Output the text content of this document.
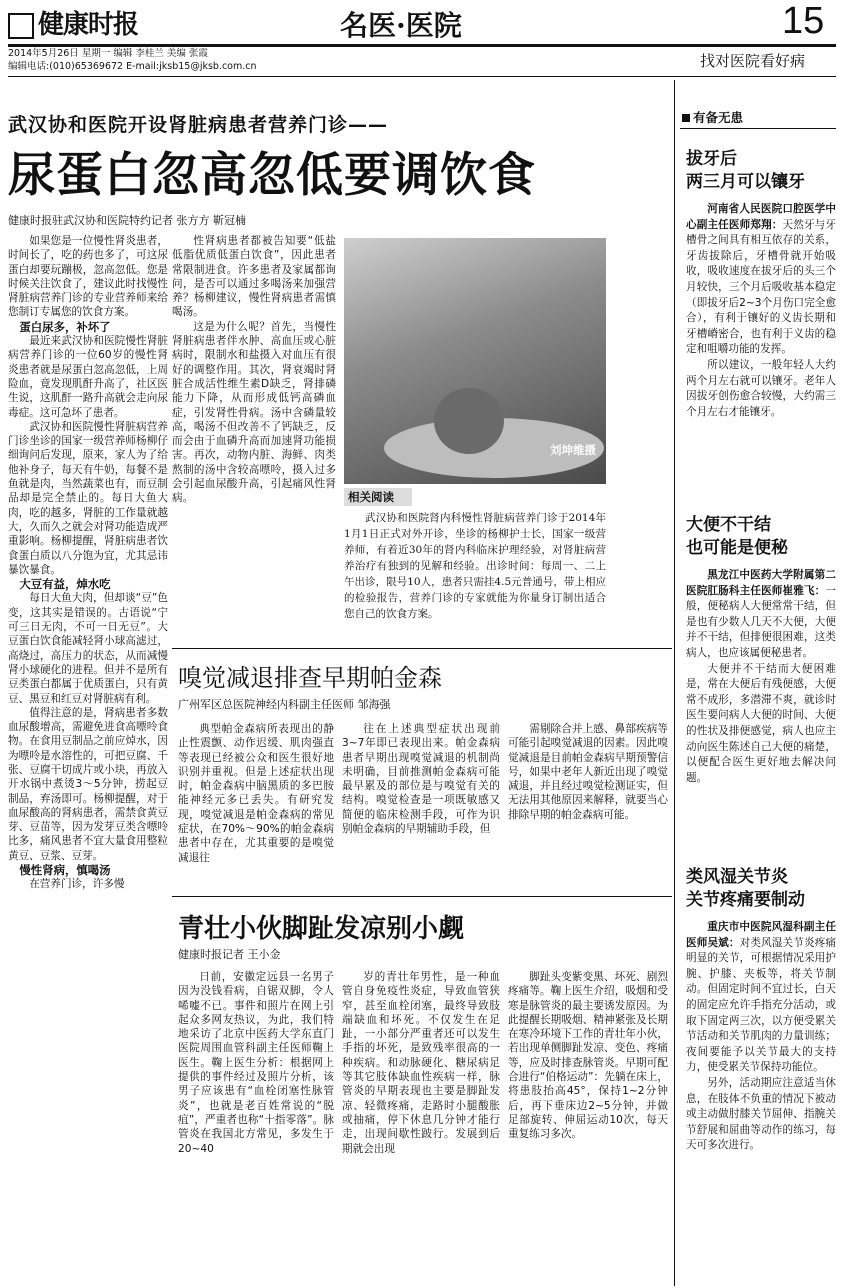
健康时报	名医·医院	15
2014年5月26日 星期一 编辑 李桂兰 美编 张霞
编辑电话:(010)65369672 E-mail:jksb15@jksb.com.cn	找对医院看好病
武汉协和医院开设肾脏病患者营养门诊——
尿蛋白忽高忽低要调饮食
健康时报驻武汉协和医院特约记者 张方方 靳冠楠

如果您是一位慢性肾炎患者，时间长了，吃的药也多了，可这尿蛋白却要玩蹦极，忽高忽低。您是时候关注饮食了，建议此时找慢性肾脏病营养门诊的专业营养师来给您制订专属您的饮食方案。

蛋白尿多，补坏了

最近来武汉协和医院慢性肾脏病营养门诊的一位60岁的慢性肾炎患者就是尿蛋白忽高忽低，上周险血，竟发现肌酐升高了，社区医生说，这肌酐一路升高就会走向尿毒症。这可急坏了患者。

武汉协和医院慢性肾脏病营养门诊坐诊的国家一级营养师杨柳仔细询问后发现，原来，家人为了给他补身子，每天有牛奶，每餐不是鱼就是肉，当然蔬菜也有，而豆制品却是完全禁止的。每日大鱼大肉，吃的越多，肾脏的工作量就越大，久而久之就会对肾功能造成严重影响。杨柳提醒，肾脏病患者饮食蛋白质以八分饱为宜，尤其忌讳暴饮暴食。

大豆有益，焯水吃

每日大鱼大肉，但却谈“豆”色变，这其实是错误的。古语说“宁可三日无肉，不可一日无豆”。大豆蛋白饮食能减轻肾小球高滤过，高烧过，高压力的状态，从而减慢肾小球硬化的进程。但并不是所有豆类蛋白都属于优质蛋白，只有黄豆、黑豆和红豆对肾脏病有利。

值得注意的是，肾病患者多数血尿酸增高，需避免进食高嘌呤食物。在食用豆制品之前应焯水，因为嘌呤是水溶性的，可把豆腐、千张、豆腐干切成片或小块，再放入开水锅中煮烫3～5分钟，捞起豆制品，弃汤即可。杨柳提醒，对于血尿酸高的肾病患者，需禁食黄豆芽、豆苗等，因为发芽豆类含嘌呤比多，痛风患者不宜大量食用整粒黄豆、豆浆、豆芽。

慢性肾病，慎喝汤

在营养门诊，许多慢

性肾病患者都被告知要“低盐低脂优质低蛋白饮食”，因此患者常限制进食。许多患者及家属都询问，是否可以通过多喝汤来加强营养？杨柳建议，慢性肾病患者需慎喝汤。

这是为什么呢？首先，当慢性肾脏病患者伴水肿、高血压或心脏病时，限制水和盐摄入对血压有很好的调整作用。其次，肾衰竭时肾脏合成活性维生素D缺乏，肾排磷能力下降，从而形成低钙高磷血症，引发肾性骨病。汤中含磷量较高，喝汤不但改善不了钙缺乏，反而会由于血磷升高而加速肾功能损害。再次，动物内脏、海鲜、肉类熬制的汤中含较高嘌呤，摄入过多会引起血尿酸升高，引起痛风性肾病。

刘坤维摄
相关阅读
武汉协和医院肾内科慢性肾脏病营养门诊于2014年1月1日正式对外开诊，坐诊的杨柳护士长，国家一级营养师，有着近30年的肾内科临床护理经验，对肾脏病营养治疗有独到的见解和经验。出诊时间：每周一、二上午出诊，限号10人，患者只需挂4.5元普通号，带上相应的检验报告，营养门诊的专家就能为你量身订制出适合您自己的饮食方案。
嗅觉减退排查早期帕金森
广州军区总医院神经内科副主任医师 邹海强
典型帕金森病所表现出的静止性震颤、动作迟缓、肌肉强直等表现已经被公众和医生很好地识别并重视。但是上述症状出现时，帕金森病中脑黑质的多巴胺能神经元多已丢失。有研究发现，嗅觉减退是帕金森病的常见症状，在70%～90%的帕金森病患者中存在，尤其重要的是嗅觉减退往
往在上述典型症状出现前3~7年即已表现出来。帕金森病患者早期出现嗅觉减退的机制尚未明确，目前推测帕金森病可能最早累及的部位是与嗅觉有关的结构。嗅觉检查是一项既敏感又简便的临床检测手段，可作为识别帕金森病的早期辅助手段，但
需剔除合并上感、鼻部疾病等可能引起嗅觉减退的因素。因此嗅觉减退是目前帕金森病早期预警信号，如果中老年人新近出现了嗅觉减退，并且经过嗅觉检测证实，但无法用其他原因来解释，就要当心排除早期的帕金森病可能。
青壮小伙脚趾发凉别小觑
健康时报记者 王小金
日前，安徽定远县一名男子因为没钱看病，自锯双脚，令人唏嘘不已。事件和照片在网上引起众多网友热议，为此，我们特地采访了北京中医药大学东直门医院周围血管科副主任医师鞠上医生。鞠上医生分析：根据网上提供的事件经过及照片分析，该男子应该患有“血栓闭塞性脉管炎”，也就是老百姓常说的“脱疽”，严重者也称“十指零落”。脉管炎在我国北方常见，多发生于20~40
岁的青壮年男性，是一种血管自身免疫性炎症，导致血管狭窄，甚至血栓闭塞，最终导致肢端缺血和坏死。不仅发生在足趾，一小部分严重者还可以发生手指的坏死，是致残率很高的一种疾病。和动脉硬化、糖尿病足等其它肢体缺血性疾病一样，脉管炎的早期表现也主要是脚趾发凉、轻微疼痛，走路时小腿酸胀或抽痛，停下休息几分钟才能行走，出现间歇性跛行。发展到后期就会出现
脚趾头变紫变黑、坏死、剧烈疼痛等。鞠上医生介绍，吸烟和受寒是脉管炎的最主要诱发原因。为此提醒长期吸烟、精神紧张及长期在寒冷环境下工作的青壮年小伙，若出现单侧脚趾发凉、变色、疼痛等，应及时排查脉管炎。早期可配合进行“伯格运动”：先躺在床上，将患肢抬高45°，保持1~2分钟后，再下垂床边2~5分钟，并做足部旋转、伸屈运动10次，每天重复练习多次。
有备无患
拔牙后
两三月可以镶牙

河南省人民医院口腔医学中心副主任医师郑翔：天然牙与牙槽骨之间具有相互依存的关系，牙齿拔除后，牙槽骨就开始吸收，吸收速度在拔牙后的头三个月较快，三个月后吸收基本稳定（即拔牙后2~3个月伤口完全愈合），有利于镶好的义齿长期和牙槽嵴密合，也有利于义齿的稳定和咀嚼功能的发挥。

所以建议，一般年轻人大约两个月左右就可以镶牙。老年人因拔牙创伤愈合较慢，大约需三个月左右才能镶牙。

大便不干结
也可能是便秘

黑龙江中医药大学附属第二医院肛肠科主任医师崔雅飞：一般，便秘病人大便常常干结，但是也有少数人几天不大便，大便并不干结，但排便很困难，这类病人，也应该属便秘患者。

大便并不干结而大便困难是，常在大便后有残便感，大便常不成形，多潜滞不爽，就诊时医生要问病人大便的时间、大便的性状及排便感觉，病人也应主动向医生陈述自己大便的痛楚，以便配合医生更好地去解决问题。

类风湿关节炎
关节疼痛要制动

重庆市中医院风湿科副主任医师吴斌：对类风湿关节炎疼痛明显的关节，可根据情况采用护腕、护膝、夹板等，将关节制动。但固定时间不宜过长，白天的固定应允许手指充分活动，或取下固定两三次，以方便受累关节活动和关节肌肉的力量训练；夜间要能予以关节最大的支持力，使受累关节保持功能位。

另外，活动期应注意适当休息，在肢体不负重的情况下被动或主动做肘膝关节屈伸、指腕关节舒展和屈曲等动作的练习，每天可多次进行。
